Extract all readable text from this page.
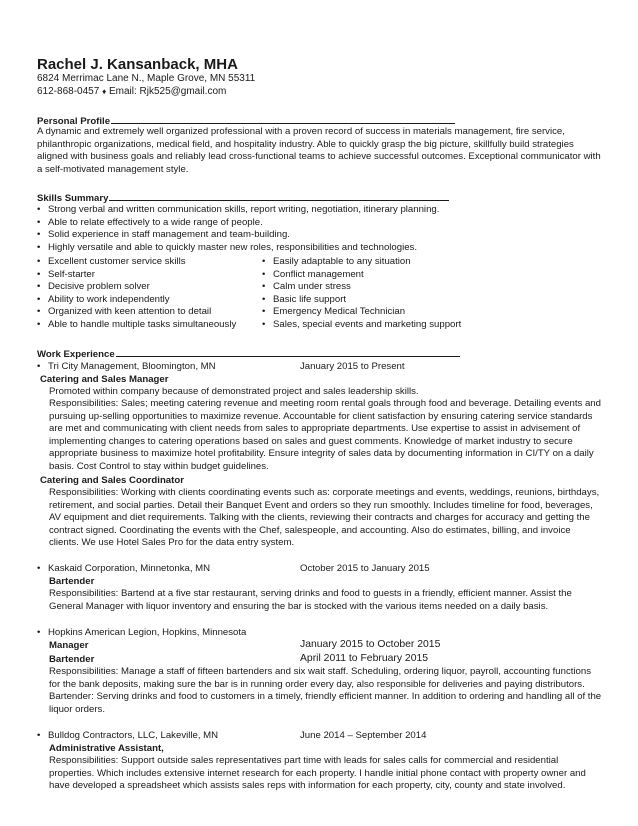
Rachel J. Kansanback, MHA
6824 Merrimac Lane N., Maple Grove, MN 55311
612-868-0457 ♦ Email: Rjk525@gmail.com
Personal Profile
A dynamic and extremely well organized professional with a proven record of success in materials management, fire service, philanthropic organizations, medical field, and hospitality industry. Able to quickly grasp the big picture, skillfully build strategies aligned with business goals and reliably lead cross-functional teams to achieve successful outcomes. Exceptional communicator with a self-motivated management style.
Skills Summary
• Strong verbal and written communication skills, report writing, negotiation, itinerary planning.
• Able to relate effectively to a wide range of people.
• Solid experience in staff management and team-building.
• Highly versatile and able to quickly master new roles, responsibilities and technologies.
• Excellent customer service skills
• Self-starter
• Decisive problem solver
• Ability to work independently
• Organized with keen attention to detail
• Able to handle multiple tasks simultaneously
• Easily adaptable to any situation
• Conflict management
• Calm under stress
• Basic life support
• Emergency Medical Technician
• Sales, special events and marketing support
Work Experience
• Tri City Management, Bloomington, MN	January 2015 to Present
Catering and Sales Manager
Promoted within company because of demonstrated project and sales leadership skills.
Responsibilities: Sales; meeting catering revenue and meeting room rental goals through food and beverage. Detailing events and pursuing up-selling opportunities to maximize revenue. Accountable for client satisfaction by ensuring catering service standards are met and communicating with client needs from sales to appropriate departments. Use expertise to assist in advisement of implementing changes to catering operations based on sales and guest comments. Knowledge of market industry to secure appropriate business to maximize hotel profitability. Ensure integrity of sales data by documenting information in CI/TY on a daily basis. Cost Control to stay within budget guidelines.
Catering and Sales Coordinator
Responsibilities: Working with clients coordinating events such as: corporate meetings and events, weddings, reunions, birthdays, retirement, and social parties. Detail their Banquet Event and orders so they run smoothly. Includes timeline for food, beverages, AV equipment and diet requirements. Talking with the clients, reviewing their contracts and charges for accuracy and getting the contract signed. Coordinating the events with the Chef, salespeople, and accounting. Also do estimates, billing, and invoice clients. We use Hotel Sales Pro for the data entry system.
• Kaskaid Corporation, Minnetonka, MN	October 2015 to January 2015
Bartender
Responsibilities: Bartend at a five star restaurant, serving drinks and food to guests in a friendly, efficient manner. Assist the General Manager with liquor inventory and ensuring the bar is stocked with the various items needed on a daily basis.
• Hopkins American Legion, Hopkins, Minnesota
Manager	January 2015 to October 2015
Bartender	April 2011 to February 2015
Responsibilities: Manage a staff of fifteen bartenders and six wait staff. Scheduling, ordering liquor, payroll, accounting functions for the bank deposits, making sure the bar is in running order every day, also responsible for deliveries and paying distributors. Bartender: Serving drinks and food to customers in a timely, friendly efficient manner. In addition to ordering and handling all of the liquor orders.
• Bulldog Contractors, LLC, Lakeville, MN	June 2014 – September 2014
Administrative Assistant,
Responsibilities: Support outside sales representatives part time with leads for sales calls for commercial and residential properties. Which includes extensive internet research for each property. I handle initial phone contact with property owner and have developed a spreadsheet which assists sales reps with information for each property, city, county and state involved.
